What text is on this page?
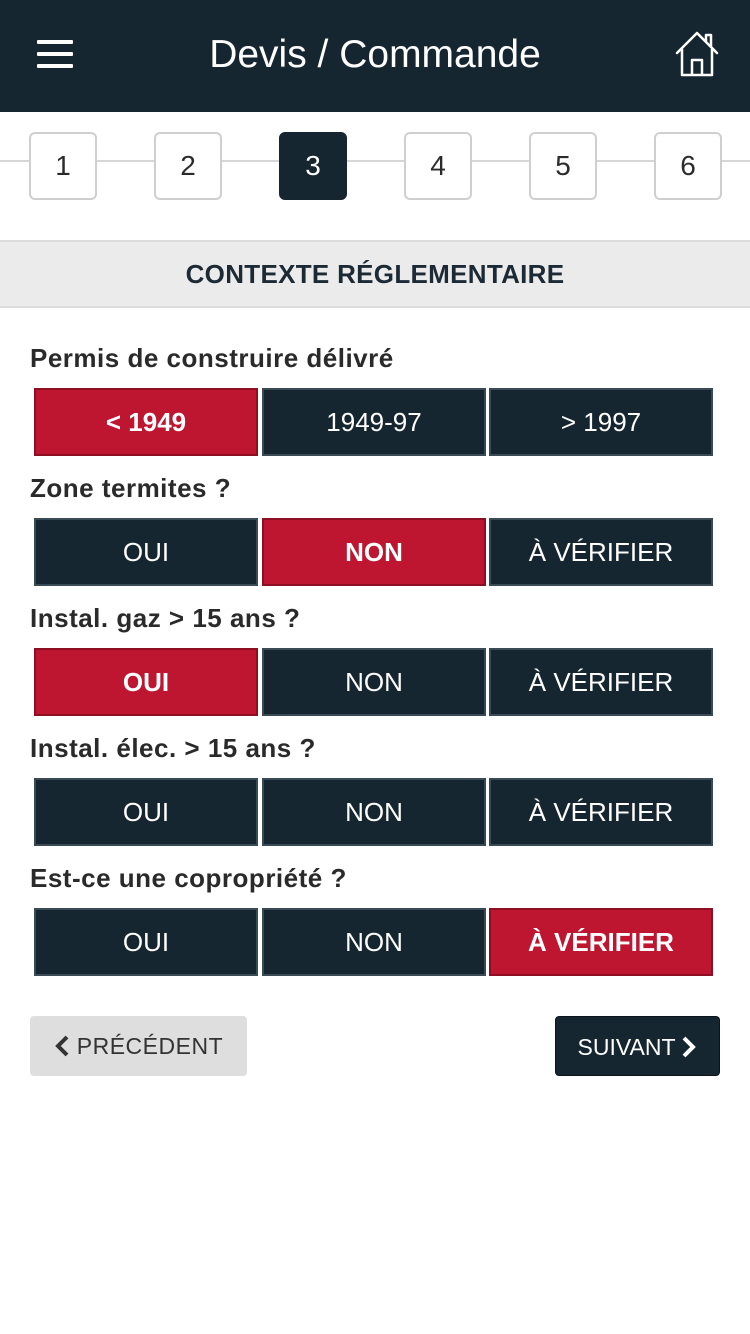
Devis / Commande
1	2	3	4	5	6
CONTEXTE RÉGLEMENTAIRE
Permis de construire délivré
< 1949	1949-97	> 1997
Zone termites ?
OUI	NON	À VÉRIFIER
Instal. gaz > 15 ans ?
OUI	NON	À VÉRIFIER
Instal. élec. > 15 ans ?
OUI	NON	À VÉRIFIER
Est-ce une copropriété ?
OUI	NON	À VÉRIFIER
PRÉCÉDENT	SUIVANT
